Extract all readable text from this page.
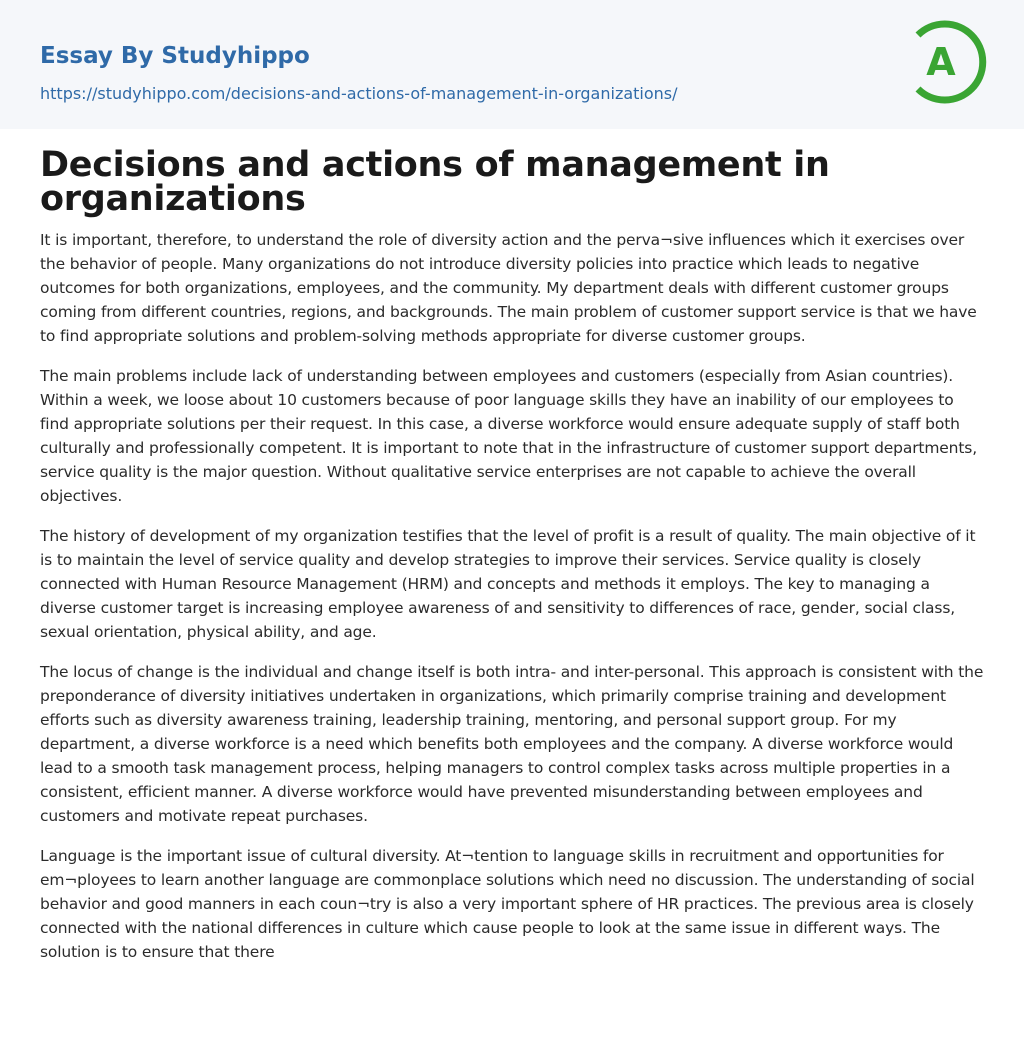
Essay By Studyhippo
https://studyhippo.com/decisions-and-actions-of-management-in-organizations/
A
Decisions and actions of management in organizations

It is important, therefore, to understand the role of diversity action and the perva¬sive influences which it exercises over the behavior of people. Many organizations do not introduce diversity policies into practice which leads to negative outcomes for both organizations, employees, and the community. My department deals with different customer groups coming from different countries, regions, and backgrounds. The main problem of customer support service is that we have to find appropriate solutions and problem-solving methods appropriate for diverse customer groups.

The main problems include lack of understanding between employees and customers (especially from Asian countries). Within a week, we loose about 10 customers because of poor language skills they have an inability of our employees to find appropriate solutions per their request. In this case, a diverse workforce would ensure adequate supply of staff both culturally and professionally competent. It is important to note that in the infrastructure of customer support departments, service quality is the major question. Without qualitative service enterprises are not capable to achieve the overall objectives.

The history of development of my organization testifies that the level of profit is a result of quality. The main objective of it is to maintain the level of service quality and develop strategies to improve their services. Service quality is closely connected with Human Resource Management (HRM) and concepts and methods it employs. The key to managing a diverse customer target is increasing employee awareness of and sensitivity to differences of race, gender, social class, sexual orientation, physical ability, and age.

The locus of change is the individual and change itself is both intra- and inter-personal. This approach is consistent with the preponderance of diversity initiatives undertaken in organizations, which primarily comprise training and development efforts such as diversity awareness training, leadership training, mentoring, and personal support group. For my department, a diverse workforce is a need which benefits both employees and the company. A diverse workforce would lead to a smooth task management process, helping managers to control complex tasks across multiple properties in a consistent, efficient manner. A diverse workforce would have prevented misunderstanding between employees and customers and motivate repeat purchases.

Language is the important issue of cultural diversity. At¬tention to language skills in recruitment and opportunities for em¬ployees to learn another language are commonplace solutions which need no discussion. The understanding of social behavior and good manners in each coun¬try is also a very important sphere of HR practices. The previous area is closely connected with the national differences in culture which cause people to look at the same issue in different ways. The solution is to ensure that there
